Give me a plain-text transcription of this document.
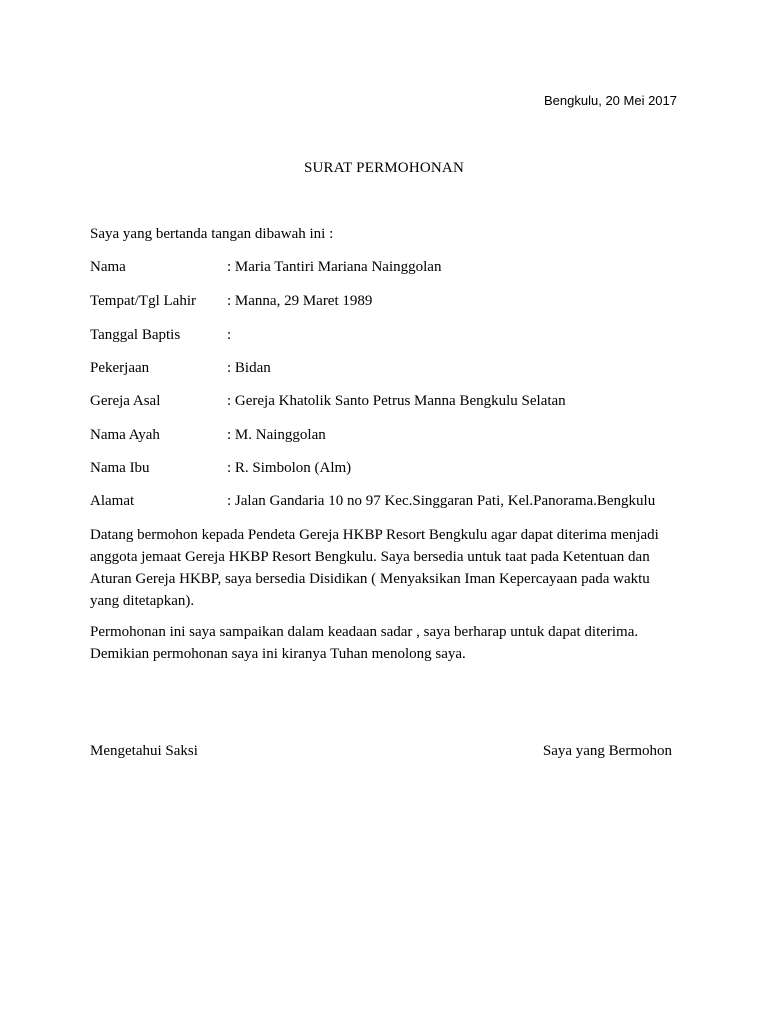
Bengkulu, 20 Mei 2017
SURAT PERMOHONAN
Saya yang bertanda tangan dibawah ini :
Nama	: Maria Tantiri Mariana Nainggolan
Tempat/Tgl Lahir : Manna, 29 Maret 1989
Tanggal Baptis	:
Pekerjaan	: Bidan
Gereja Asal	: Gereja Khatolik Santo Petrus Manna Bengkulu Selatan
Nama Ayah	: M. Nainggolan
Nama Ibu	: R. Simbolon (Alm)
Alamat	: Jalan Gandaria 10 no 97 Kec.Singgaran Pati, Kel.Panorama.Bengkulu
Datang bermohon kepada Pendeta Gereja HKBP Resort Bengkulu agar dapat diterima menjadi
anggota jemaat Gereja HKBP Resort Bengkulu. Saya bersedia untuk taat pada Ketentuan dan
Aturan Gereja HKBP, saya bersedia Disidikan ( Menyaksikan Iman Kepercayaan pada waktu
yang ditetapkan).
Permohonan ini saya sampaikan dalam keadaan sadar , saya berharap untuk dapat diterima.
Demikian permohonan saya ini kiranya Tuhan menolong saya.
Mengetahui Saksi	Saya yang Bermohon
